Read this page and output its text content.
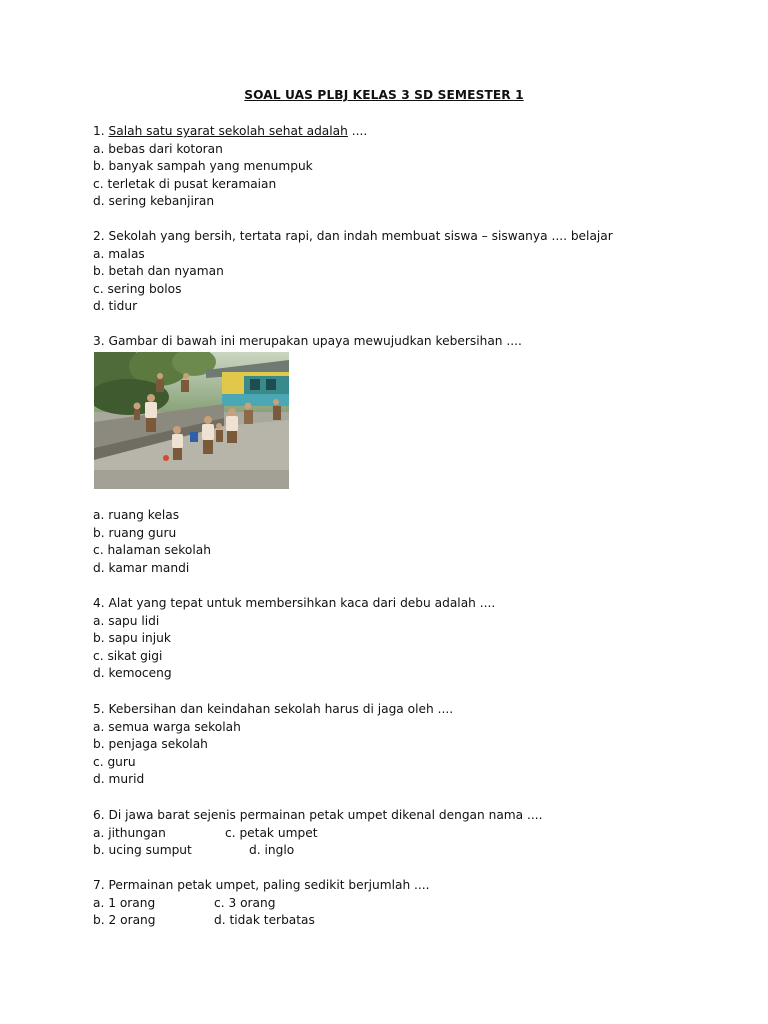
SOAL UAS PLBJ KELAS 3 SD SEMESTER 1
1. Salah satu syarat sekolah sehat adalah ....
a. bebas dari kotoran
b. banyak sampah yang menumpuk
c. terletak di pusat keramaian
d. sering kebanjiran
2. Sekolah yang bersih, tertata rapi, dan indah membuat siswa – siswanya .... belajar
a. malas
b. betah dan nyaman
c. sering bolos
d. tidur
3. Gambar di bawah ini merupakan upaya mewujudkan kebersihan ....
a. ruang kelas
b. ruang guru
c. halaman sekolah
d. kamar mandi
4. Alat yang tepat untuk membersihkan kaca dari debu adalah ....
a. sapu lidi
b. sapu injuk
c. sikat gigi
d. kemoceng
5. Kebersihan dan keindahan sekolah harus di jaga oleh ....
a. semua warga sekolah
b. penjaga sekolah
c. guru
d. murid
6. Di jawa barat sejenis permainan petak umpet dikenal dengan nama ....
a. jithungan	c. petak umpet
b. ucing sumput	d. inglo
7. Permainan petak umpet, paling sedikit berjumlah ....
a. 1 orang	c. 3 orang
b. 2 orang	d. tidak terbatas
